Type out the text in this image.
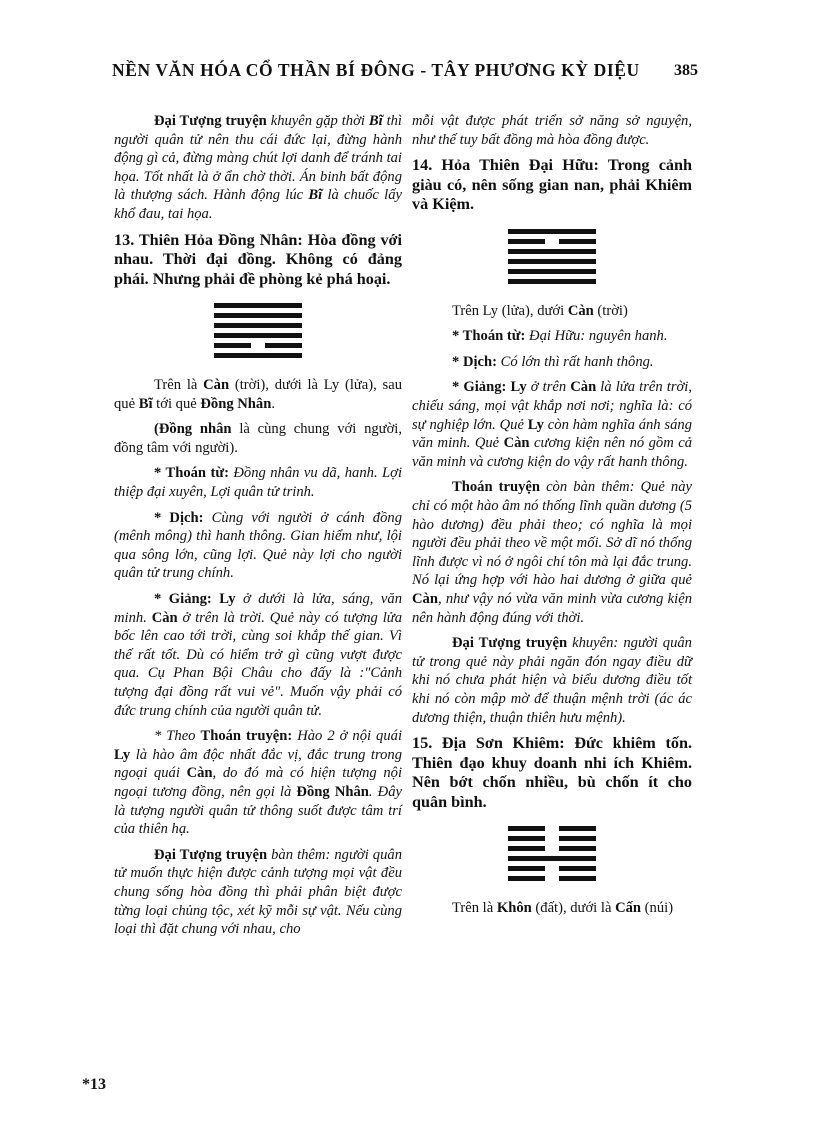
NỀN VĂN HÓA CỔ THẦN BÍ ĐÔNG - TÂY PHƯƠNG KỲ DIỆU 385

Đại Tượng truyện khuyên gặp thời Bĩ thì người quân tử nên thu cái đức lại, đừng hành động gì cả, đừng màng chút lợi danh để tránh tai họa. Tốt nhất là ở ẩn chờ thời. Án binh bất động là thượng sách. Hành động lúc Bĩ là chuốc lấy khổ đau, tai họa.

13. Thiên Hỏa Đồng Nhân: Hòa đồng với nhau. Thời đại đồng. Không có đảng phái. Nhưng phải đề phòng kẻ phá hoại.

Trên là Càn (trời), dưới là Ly (lửa), sau quẻ Bĩ tới quẻ Đồng Nhân.

(Đồng nhân là cùng chung với người, đồng tâm với người).

* Thoán từ: Đồng nhân vu dã, hanh. Lợi thiệp đại xuyên, Lợi quân tử trinh.

* Dịch: Cùng với người ở cánh đồng (mênh mông) thì hanh thông. Gian hiểm như, lội qua sông lớn, cũng lợi. Quẻ này lợi cho người quân tử trung chính.

* Giảng: Ly ở dưới là lửa, sáng, văn minh. Càn ở trên là trời. Quẻ này có tượng lửa bốc lên cao tới trời, cùng soi khắp thế gian. Vì thế rất tốt. Dù có hiểm trở gì cũng vượt được qua. Cụ Phan Bội Châu cho đấy là :"Cảnh tượng đại đồng rất vui vẻ". Muốn vậy phải có đức trung chính của người quân tử.

* Theo Thoán truyện: Hào 2 ở nội quái Ly là hào âm độc nhất đắc vị, đắc trung trong ngoại quái Càn, do đó mà có hiện tượng nội ngoại tương đồng, nên gọi là Đồng Nhân. Đây là tượng người quân tử thông suốt được tâm trí của thiên hạ.

Đại Tượng truyện bàn thêm: người quân tử muốn thực hiện được cảnh tượng mọi vật đều chung sống hòa đồng thì phải phân biệt được từng loại chủng tộc, xét kỹ mỗi sự vật. Nếu cùng loại thì đặt chung với nhau, cho

mỗi vật được phát triển sở năng sở nguyện, như thế tuy bất đồng mà hòa đồng được.

14. Hỏa Thiên Đại Hữu: Trong cảnh giàu có, nên sống gian nan, phải Khiêm và Kiệm.

Trên Ly (lửa), dưới Càn (trời)

* Thoán từ: Đại Hữu: nguyên hanh.

* Dịch: Có lớn thì rất hanh thông.

* Giảng: Ly ở trên Càn là lửa trên trời, chiếu sáng, mọi vật khắp nơi nơi; nghĩa là: có sự nghiệp lớn. Quẻ Ly còn hàm nghĩa ánh sáng văn minh. Quẻ Càn cương kiện nên nó gồm cả văn minh và cương kiện do vậy rất hanh thông.

Thoán truyện còn bàn thêm: Quẻ này chỉ có một hào âm nó thống lĩnh quần dương (5 hào dương) đều phải theo; có nghĩa là mọi người đều phải theo về một mối. Sở dĩ nó thống lĩnh được vì nó ở ngôi chí tôn mà lại đắc trung. Nó lại ứng hợp với hào hai dương ở giữa quẻ Càn, như vậy nó vừa văn minh vừa cương kiện nên hành động đúng với thời.

Đại Tượng truyện khuyên: người quân tử trong quẻ này phải ngăn đón ngay điều dữ khi nó chưa phát hiện và biểu dương điều tốt khi nó còn mập mờ để thuận mệnh trời (ác ác dương thiện, thuận thiên hưu mệnh).

15. Địa Sơn Khiêm: Đức khiêm tốn. Thiên đạo khuy doanh nhi ích Khiêm. Nên bớt chốn nhiều, bù chốn ít cho quân bình.

Trên là Khôn (đất), dưới là Cấn (núi)

*13
